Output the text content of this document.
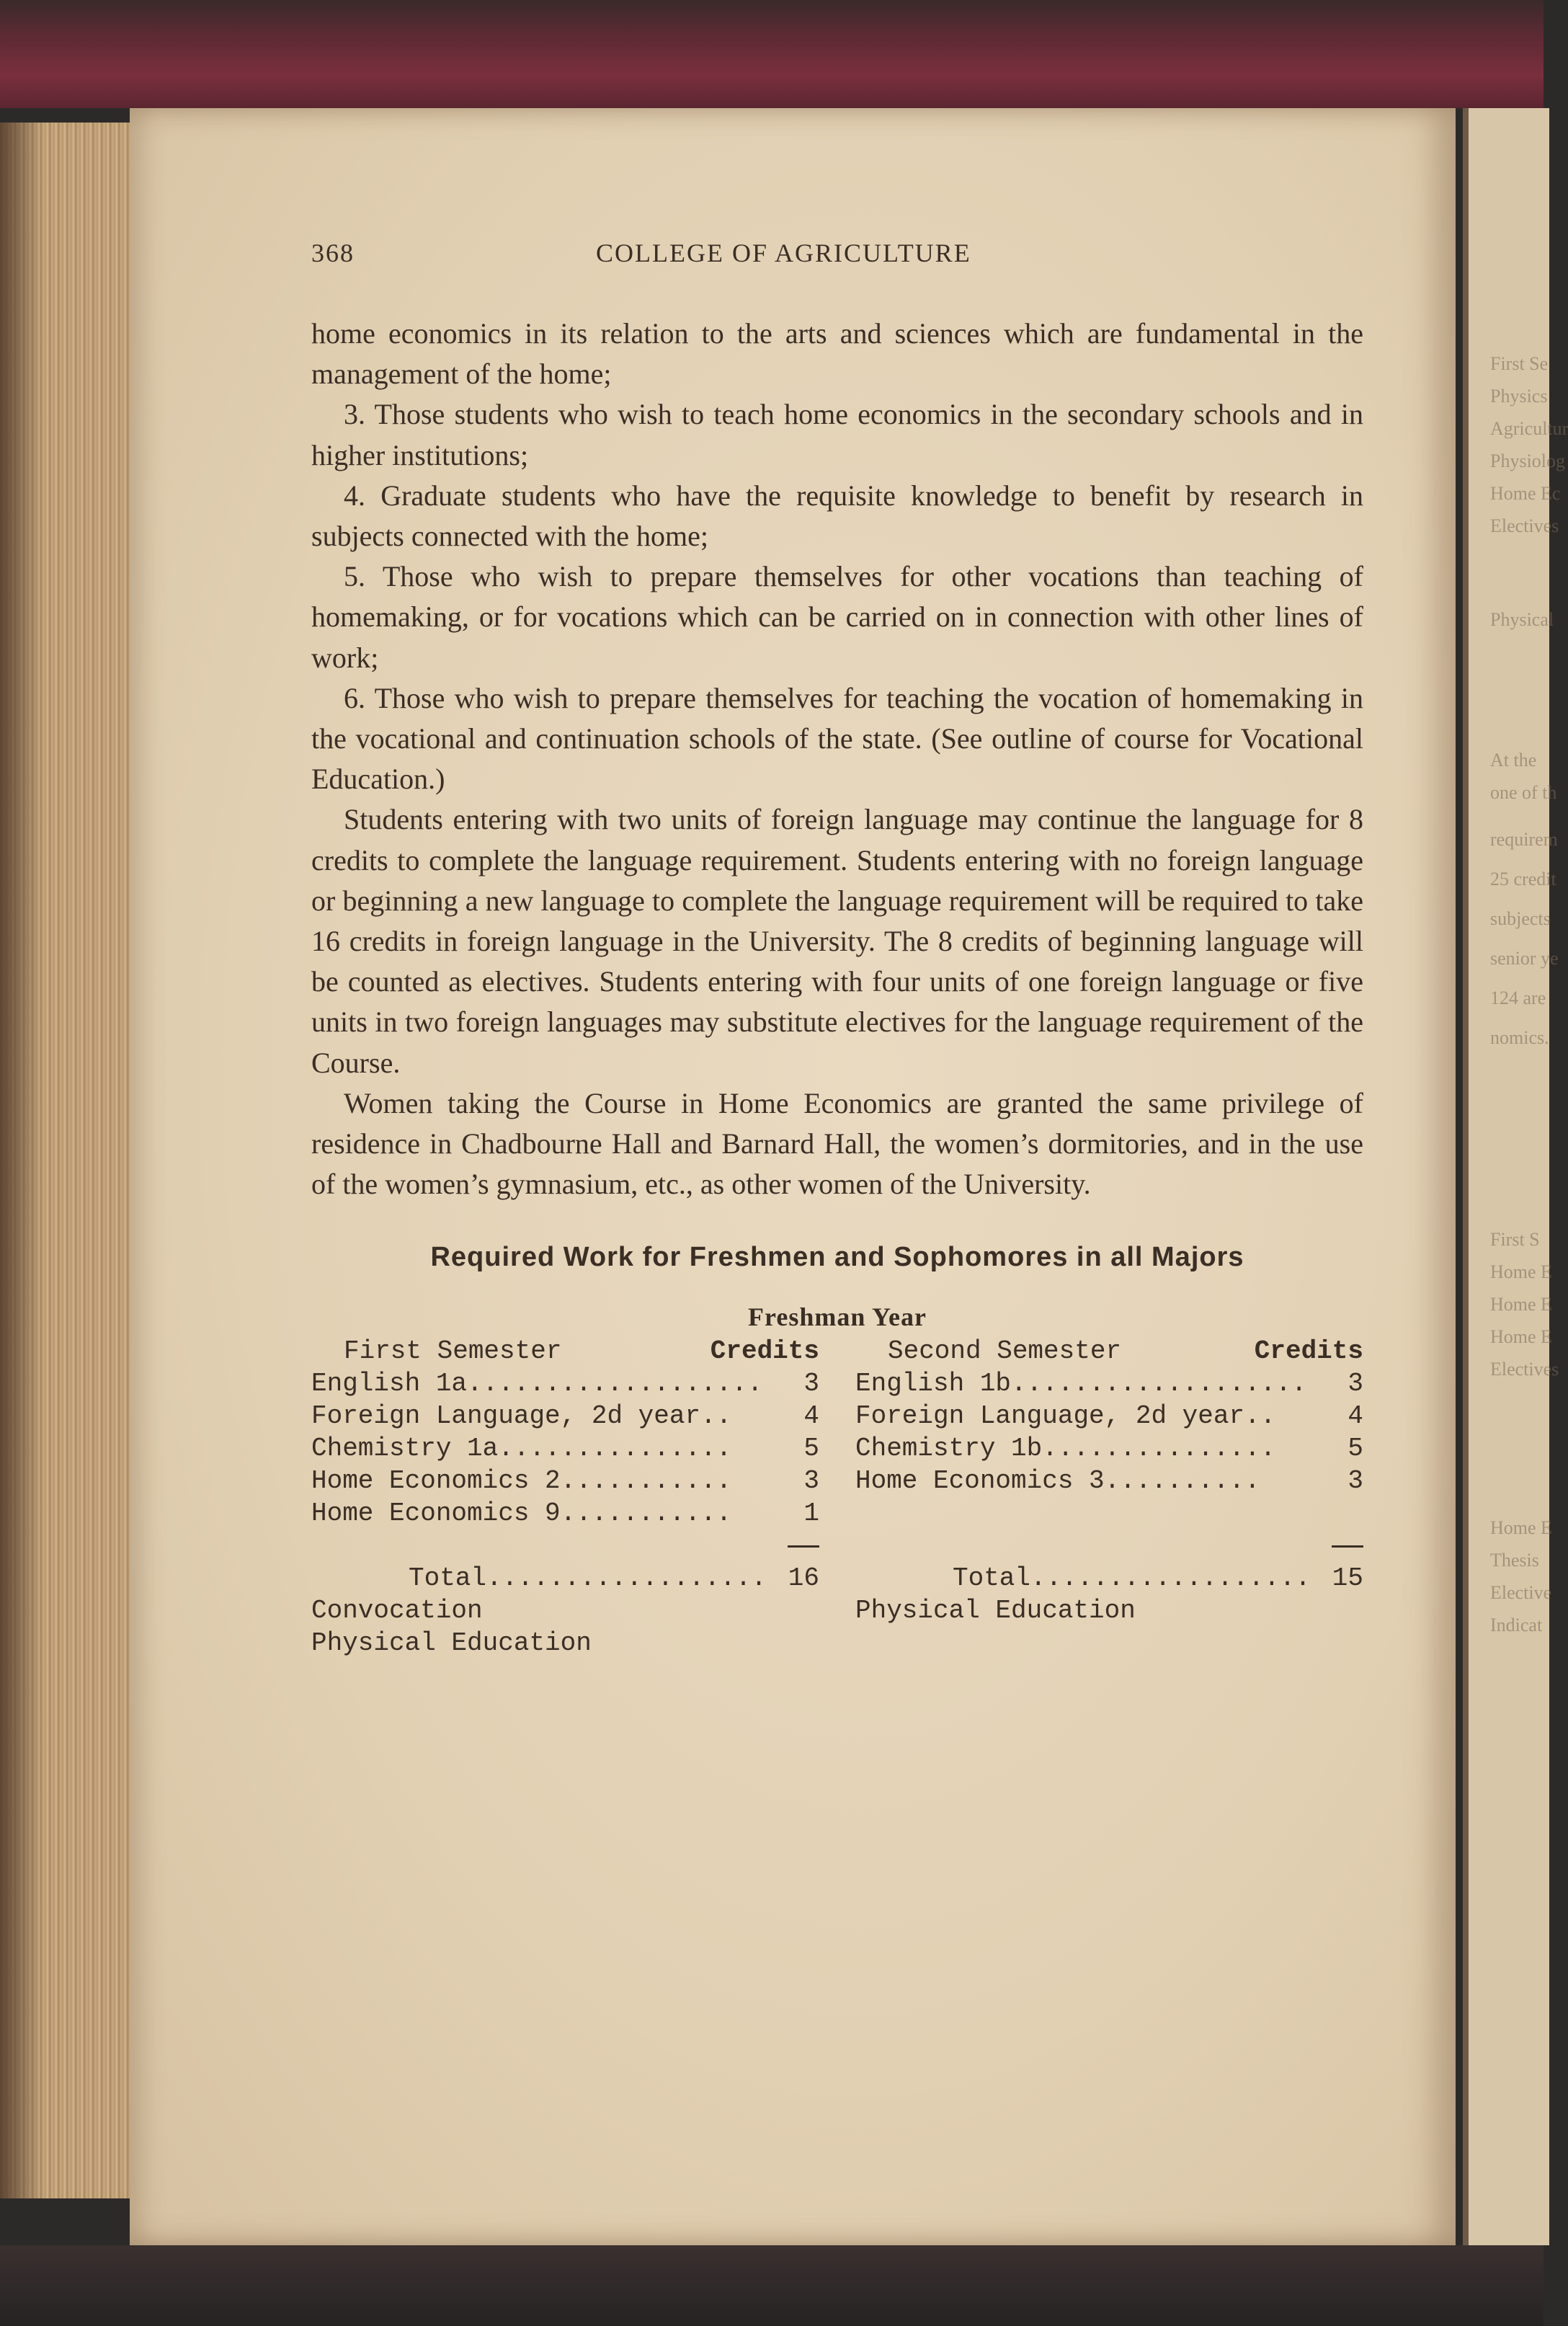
First Se
Physics
Agricultur
Physiolog
Home Ec
Electives
Physical
At the
one of th
requirem
25 credit
subjects
senior ye
124 are
nomics.
First S
Home E
Home E
Home E
Electives
Home E
Thesis
Elective
Indicat
368	COLLEGE OF AGRICULTURE

home economics in its relation to the arts and sciences which are fundamental in the management of the home;

3. Those students who wish to teach home economics in the secondary schools and in higher institutions;

4. Graduate students who have the requisite knowledge to benefit by research in subjects connected with the home;

5. Those who wish to prepare themselves for other vocations than teaching of homemaking, or for vocations which can be carried on in connection with other lines of work;

6. Those who wish to prepare themselves for teaching the vocation of homemaking in the vocational and continuation schools of the state. (See outline of course for Vocational Education.)

Students entering with two units of foreign language may continue the language for 8 credits to complete the language requirement. Students entering with no foreign language or beginning a new language to complete the language requirement will be required to take 16 credits in foreign language in the University. The 8 credits of beginning language will be counted as electives. Students entering with four units of one foreign language or five units in two foreign languages may substitute electives for the language requirement of the Course.

Women taking the Course in Home Economics are granted the same privilege of residence in Chadbourne Hall and Barnard Hall, the women’s dormitories, and in the use of the women’s gymnasium, etc., as other women of the University.

Required Work for Freshmen and Sophomores in all Majors
Freshman Year
First Semester	Credits
English 1a................... 3
Foreign Language, 2d year..	4
Chemistry 1a...............	5
Home Economics 2...........	3
Home Economics 9...........	1
Total.................. 16
Convocation
Physical Education
Second Semester	Credits
English 1b................... 3
Foreign Language, 2d year..	4
Chemistry 1b...............	5
Home Economics 3..........	3
Total.................. 15
Physical Education
